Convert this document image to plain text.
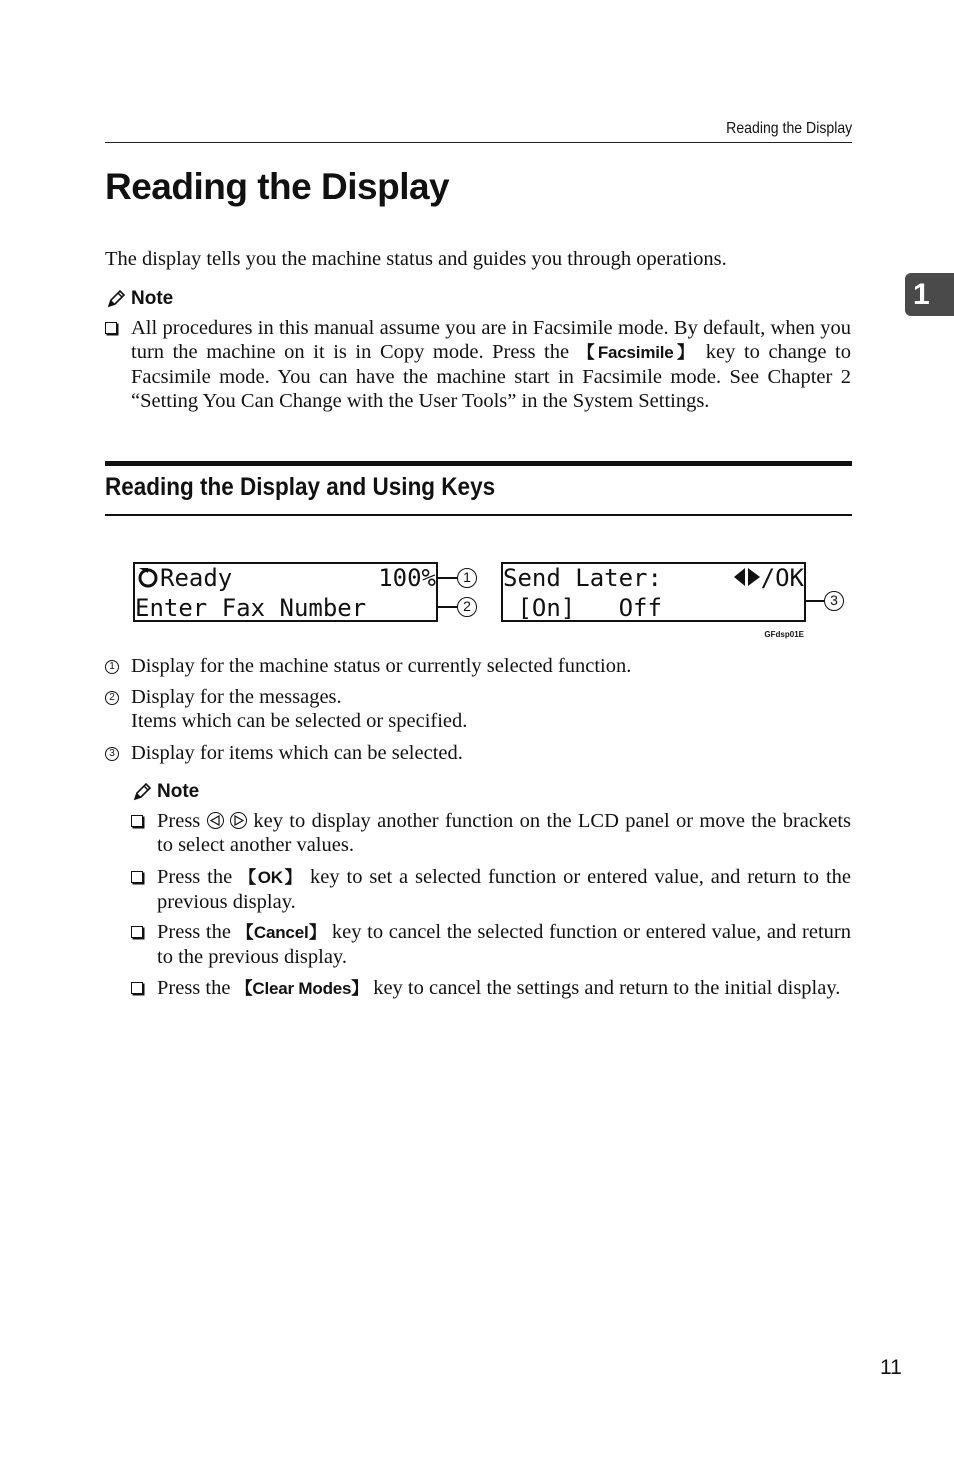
Reading the Display
1
Reading the Display
The display tells you the machine status and guides you through operations.
Note
All procedures in this manual assume you are in Facsimile mode. By default, when you turn the machine on it is in Copy mode. Press the 【Facsimile】 key to change to Facsimile mode. You can have the machine start in Facsimile mode. See Chapter 2 “Setting You Can Change with the User Tools” in the System Settings.
Reading the Display and Using Keys

Ready

	100%

Enter Fax Number

Send Later:

	/OK

[On]   Off

1
2	3
GFdsp01E
1 Display for the machine status or currently selected function.
2 Display for the messages.
Items which can be selected or specified.
3 Display for items which can be selected.
Note
Press

key to display another function on the LCD panel or move the brackets to select another values.
Press the 【OK】 key to set a selected function or entered value, and return to the previous display.
Press the 【Cancel】 key to cancel the selected function or entered value, and return to the previous display.
Press the 【Clear Modes】 key to cancel the settings and return to the initial display.
11
